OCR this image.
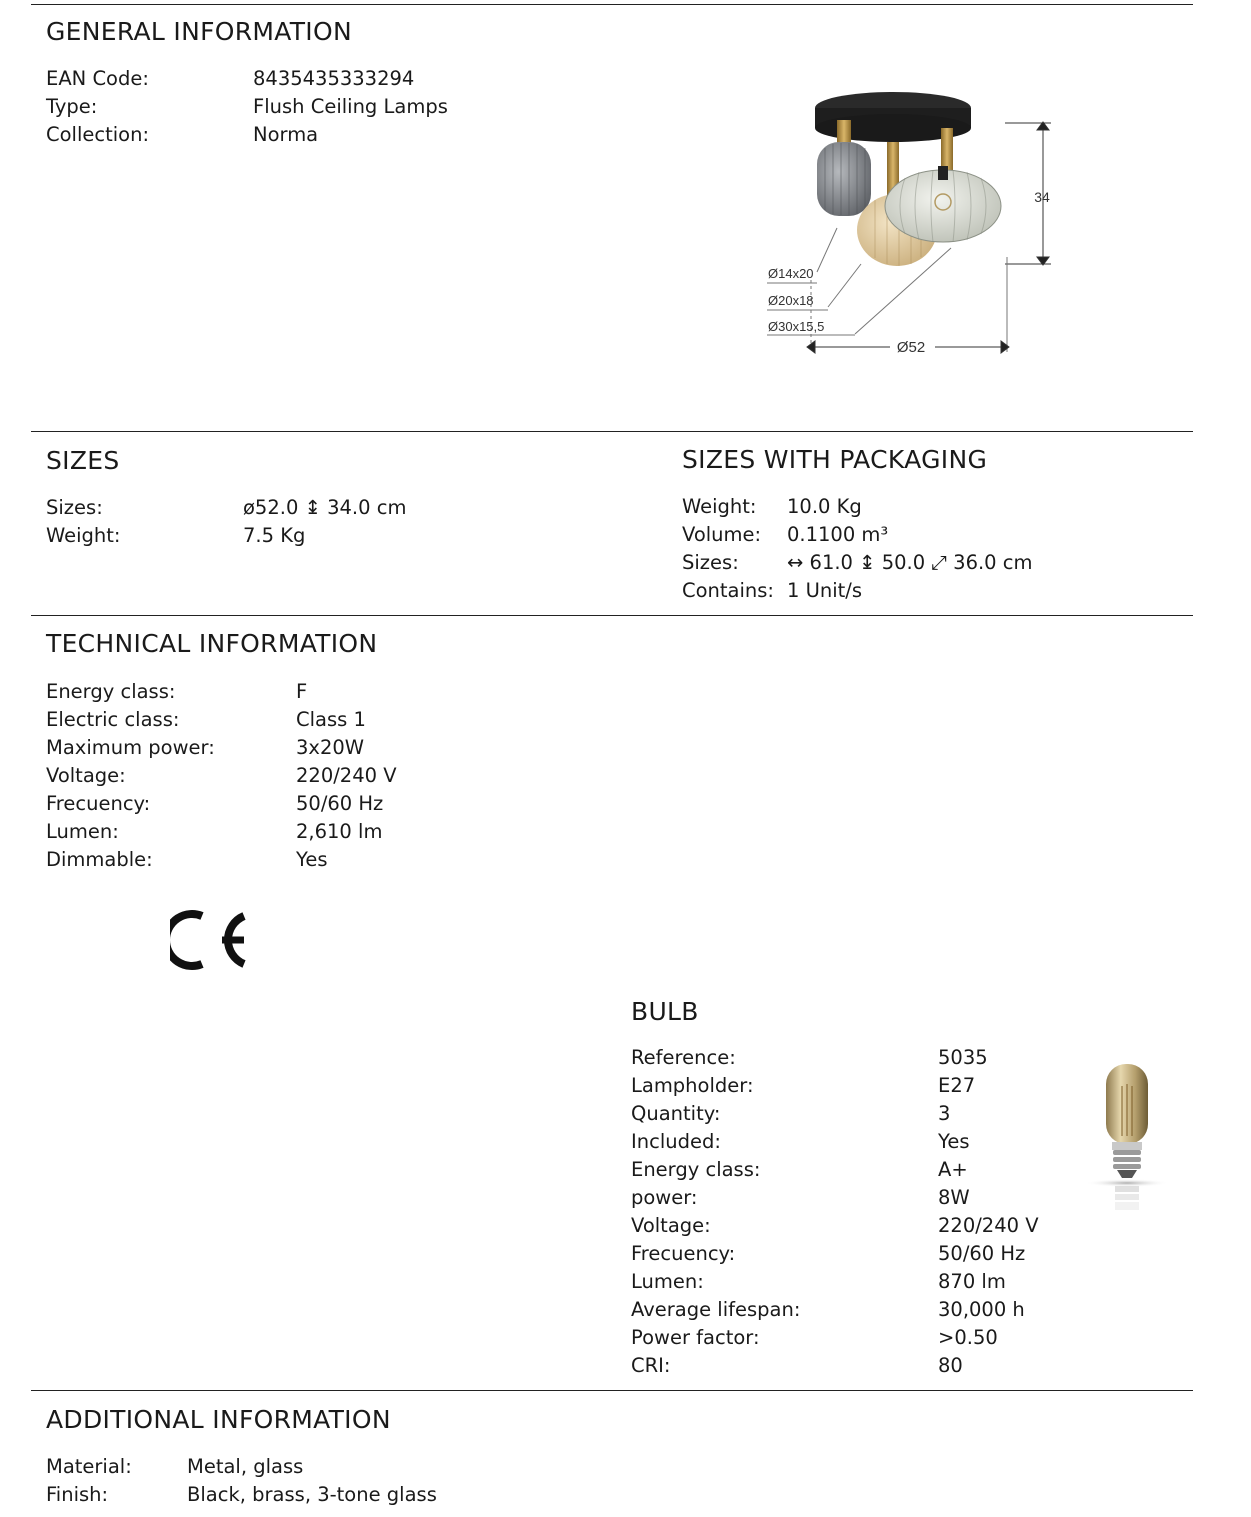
GENERAL INFORMATION
EAN Code:	8435435333294
Type:	Flush Ceiling Lamps
Collection:	Norma
34
Ø14x20
Ø20x18
Ø30x15,5
Ø52
SIZES
Sizes:	ø52.0 ↨ 34.0 cm
Weight:	7.5 Kg
SIZES WITH PACKAGING
Weight: 10.0 Kg
Volume: 0.1100 m³
Sizes: ↔ 61.0 ↨ 50.0 ⤢ 36.0 cm
Contains: 1 Unit/s
TECHNICAL INFORMATION
Energy class:	F
Electric class:	Class 1
Maximum power:	3x20W
Voltage:	220/240 V
Frecuency:	50/60 Hz
Lumen:	2,610 lm
Dimmable:	Yes
BULB
Reference:	5035
Lampholder:	E27
Quantity:	3
Included:	Yes
Energy class:	A+
power:	8W
Voltage:	220/240 V
Frecuency:	50/60 Hz
Lumen:	870 lm
Average lifespan:	30,000 h
Power factor:	>0.50
CRI:	80
ADDITIONAL INFORMATION
Material:	Metal, glass
Finish:	Black, brass, 3-tone glass
